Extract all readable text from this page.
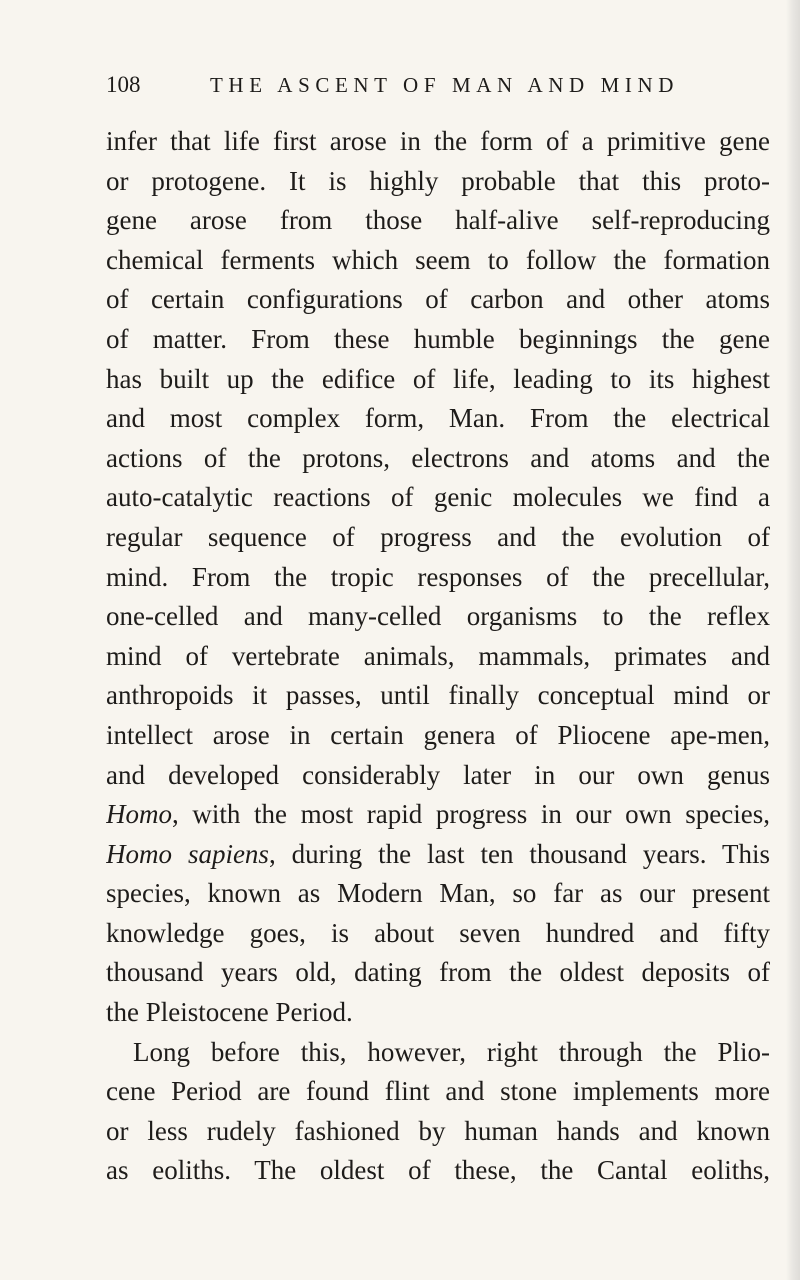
108	THE ASCENT OF MAN AND MIND
infer that life first arose in the form of a primitive gene
or protogene. It is highly probable that this proto-
gene arose from those half-alive self-reproducing
chemical ferments which seem to follow the formation
of certain configurations of carbon and other atoms
of matter. From these humble beginnings the gene
has built up the edifice of life, leading to its highest
and most complex form, Man. From the electrical
actions of the protons, electrons and atoms and the
auto-catalytic reactions of genic molecules we find a
regular sequence of progress and the evolution of
mind. From the tropic responses of the precellular,
one-celled and many-celled organisms to the reflex
mind of vertebrate animals, mammals, primates and
anthropoids it passes, until finally conceptual mind or
intellect arose in certain genera of Pliocene ape-men,
and developed considerably later in our own genus
Homo, with the most rapid progress in our own species,
Homo sapiens, during the last ten thousand years. This
species, known as Modern Man, so far as our present
knowledge goes, is about seven hundred and fifty
thousand years old, dating from the oldest deposits of
the Pleistocene Period.
Long before this, however, right through the Plio-
cene Period are found flint and stone implements more
or less rudely fashioned by human hands and known
as eoliths. The oldest of these, the Cantal eoliths,
